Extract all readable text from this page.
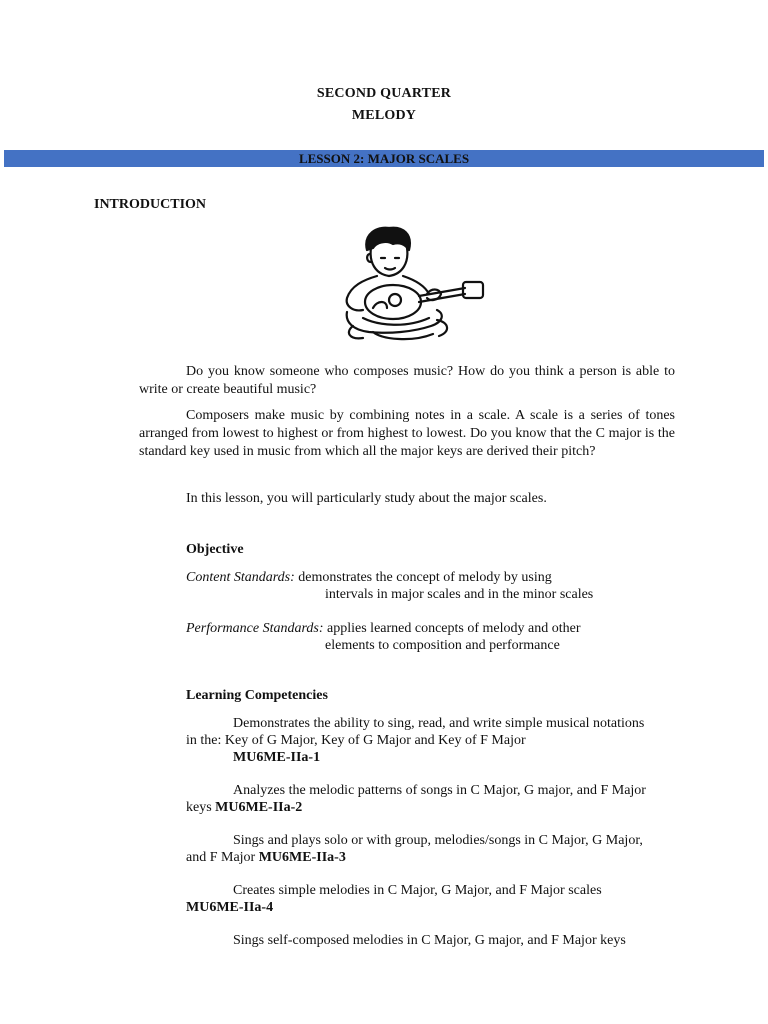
SECOND QUARTER
MELODY
LESSON 2: MAJOR SCALES
INTRODUCTION
Do you know someone who composes music? How do you think a person is able to write or create beautiful music?
Composers make music by combining notes in a scale. A scale is a series of tones arranged from lowest to highest or from highest to lowest. Do you know that the C major is the standard key used in music from which all the major keys are derived their pitch?
In this lesson, you will particularly study about the major scales.
Objective
Content Standards: demonstrates the concept of melody by using
intervals in major scales and in the minor scales
Performance Standards: applies learned concepts of melody and other
elements to composition and performance
Learning Competencies
Demonstrates the ability to sing, read, and write simple musical notations in the: Key of G Major, Key of G Major and Key of F Major
MU6ME-IIa-1
Analyzes the melodic patterns of songs in C Major, G major, and F Major keys MU6ME-IIa-2
Sings and plays solo or with group, melodies/songs in C Major, G Major, and F Major MU6ME-IIa-3
Creates simple melodies in C Major, G Major, and F Major scales MU6ME-IIa-4
Sings self-composed melodies in C Major, G major, and F Major keys
